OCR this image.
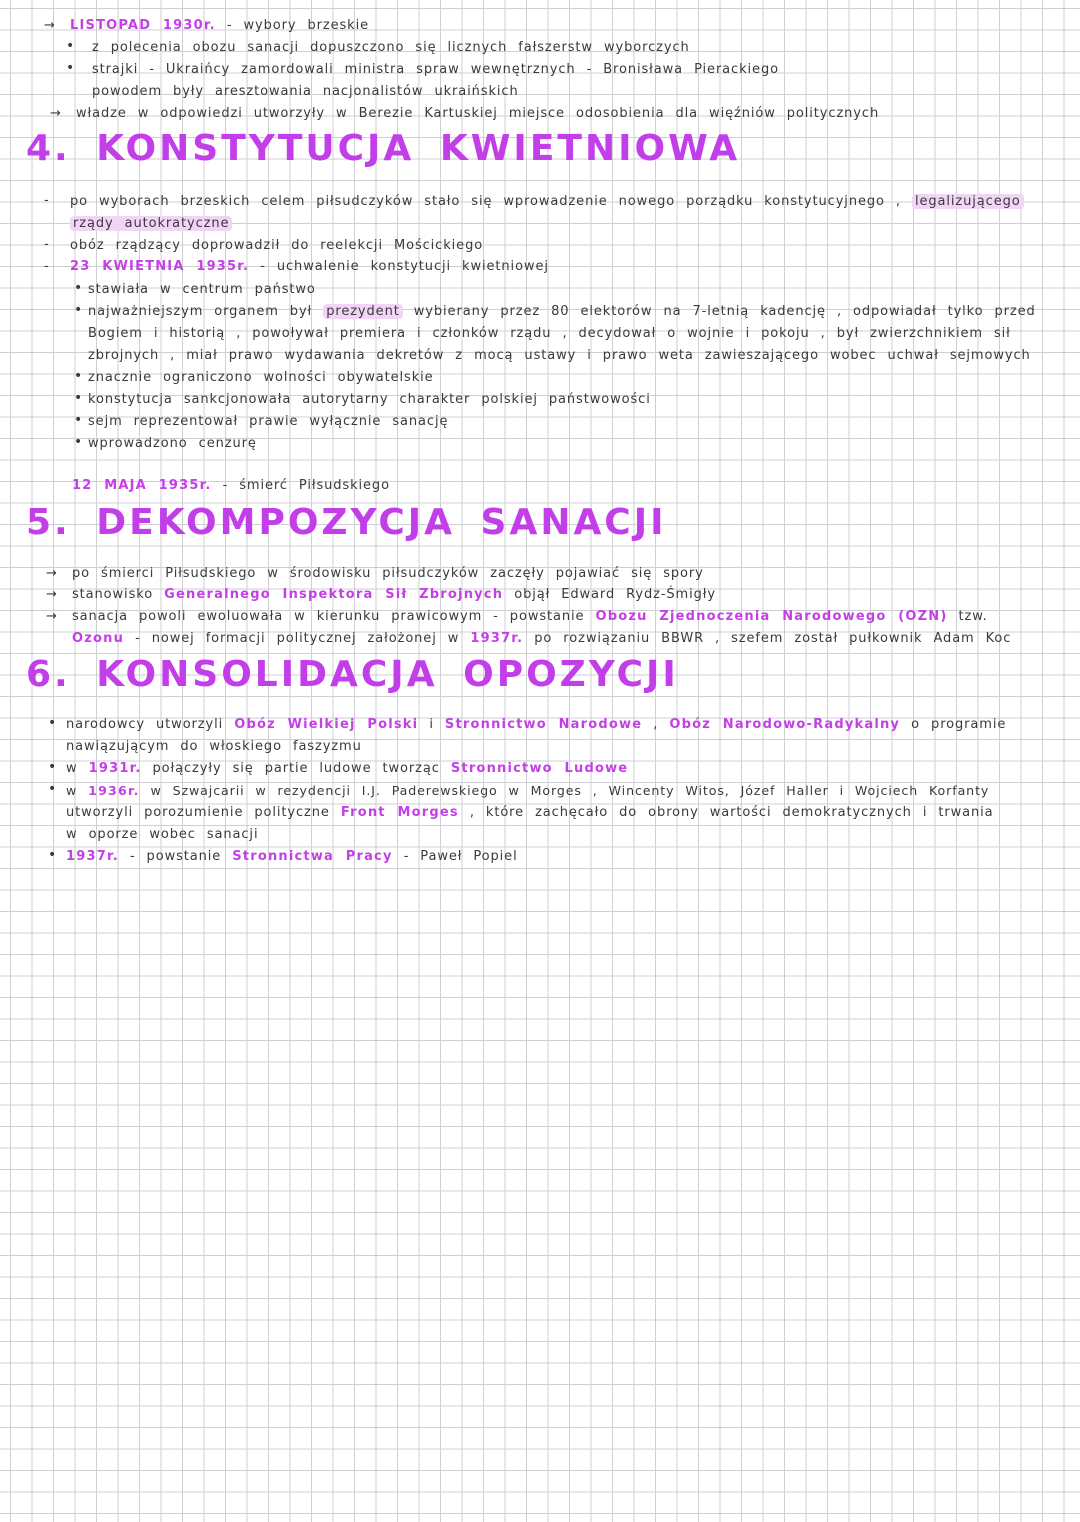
→ LISTOPAD 1930r. - wybory brzeskie
• z polecenia obozu sanacji dopuszczono się licznych fałszerstw wyborczych
• strajki - Ukraińcy zamordowali ministra spraw wewnętrznych - Bronisława Pierackiego
powodem były aresztowania nacjonalistów ukraińskich
→ władze w odpowiedzi utworzyły w Berezie Kartuskiej miejsce odosobienia dla więźniów politycznych
4. KONSTYTUCJA KWIETNIOWA
- po wyborach brzeskich celem piłsudczyków stało się wprowadzenie nowego porządku konstytucyjnego , legalizującego
rządy autokratyczne
- obóz rządzący doprowadził do reelekcji Mościckiego
- 23 KWIETNIA 1935r. - uchwalenie konstytucji kwietniowej
• stawiała w centrum państwo
• najważniejszym organem był prezydent wybierany przez 80 elektorów na 7-letnią kadencję , odpowiadał tylko przed
Bogiem i historią , powoływał premiera i członków rządu , decydował o wojnie i pokoju , był zwierzchnikiem sił
zbrojnych , miał prawo wydawania dekretów z mocą ustawy i prawo weta zawieszającego wobec uchwał sejmowych
• znacznie ograniczono wolności obywatelskie
• konstytucja sankcjonowała autorytarny charakter polskiej państwowości
• sejm reprezentował prawie wyłącznie sanację
• wprowadzono cenzurę
12 MAJA 1935r. - śmierć Piłsudskiego
5. DEKOMPOZYCJA SANACJI
→ po śmierci Piłsudskiego w środowisku piłsudczyków zaczęły pojawiać się spory
→ stanowisko Generalnego Inspektora Sił Zbrojnych objął Edward Rydz-Śmigły
→ sanacja powoli ewoluowała w kierunku prawicowym - powstanie Obozu Zjednoczenia Narodowego (OZN) tzw.
Ozonu - nowej formacji politycznej założonej w 1937r. po rozwiązaniu BBWR , szefem został pułkownik Adam Koc
6. KONSOLIDACJA OPOZYCJI
• narodowcy utworzyli Obóz Wielkiej Polski i Stronnictwo Narodowe , Obóz Narodowo-Radykalny o programie
nawiązującym do włoskiego faszyzmu
• w 1931r. połączyły się partie ludowe tworząc Stronnictwo Ludowe
• w 1936r. w Szwajcarii w rezydencji I.J. Paderewskiego w Morges , Wincenty Witos, Józef Haller i Wojciech Korfanty
utworzyli porozumienie polityczne Front Morges , które zachęcało do obrony wartości demokratycznych i trwania
w oporze wobec sanacji
• 1937r. - powstanie Stronnictwa Pracy - Paweł Popiel
